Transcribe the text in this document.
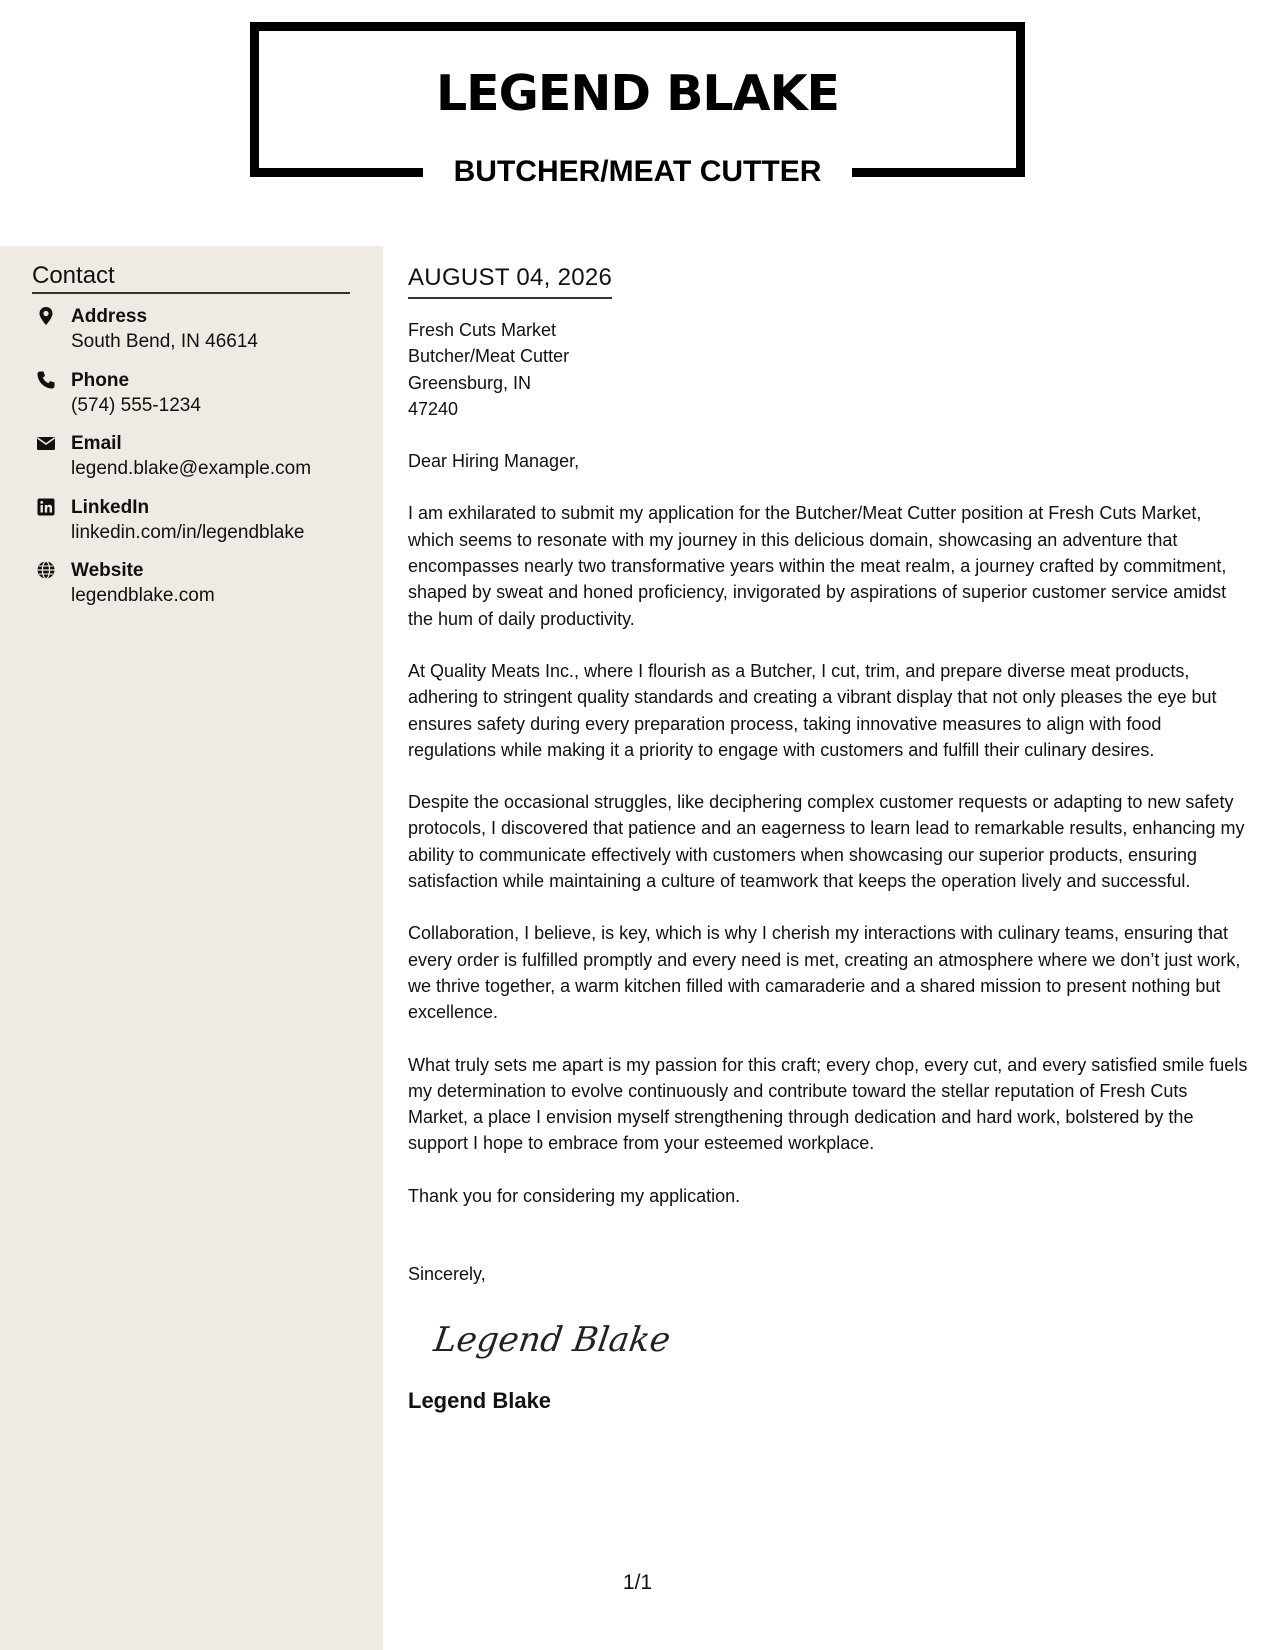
LEGEND BLAKE
BUTCHER/MEAT CUTTER
Contact
Address
South Bend, IN 46614
Phone
(574) 555-1234
Email
legend.blake@example.com
LinkedIn
linkedin.com/in/legendblake
Website
legendblake.com
AUGUST 04, 2026
Fresh Cuts Market
Butcher/Meat Cutter
Greensburg, IN
47240
Dear Hiring Manager,
I am exhilarated to submit my application for the Butcher/Meat Cutter position at Fresh Cuts Market, which seems to resonate with my journey in this delicious domain, showcasing an adventure that encompasses nearly two transformative years within the meat realm, a journey crafted by commitment, shaped by sweat and honed proficiency, invigorated by aspirations of superior customer service amidst the hum of daily productivity.
At Quality Meats Inc., where I flourish as a Butcher, I cut, trim, and prepare diverse meat products, adhering to stringent quality standards and creating a vibrant display that not only pleases the eye but ensures safety during every preparation process, taking innovative measures to align with food regulations while making it a priority to engage with customers and fulfill their culinary desires.
Despite the occasional struggles, like deciphering complex customer requests or adapting to new safety protocols, I discovered that patience and an eagerness to learn lead to remarkable results, enhancing my ability to communicate effectively with customers when showcasing our superior products, ensuring satisfaction while maintaining a culture of teamwork that keeps the operation lively and successful.
Collaboration, I believe, is key, which is why I cherish my interactions with culinary teams, ensuring that every order is fulfilled promptly and every need is met, creating an atmosphere where we don’t just work, we thrive together, a warm kitchen filled with camaraderie and a shared mission to present nothing but excellence.
What truly sets me apart is my passion for this craft; every chop, every cut, and every satisfied smile fuels my determination to evolve continuously and contribute toward the stellar reputation of Fresh Cuts Market, a place I envision myself strengthening through dedication and hard work, bolstered by the support I hope to embrace from your esteemed workplace.
Thank you for considering my application.
Sincerely,
Legend Blake
Legend Blake
1/1
